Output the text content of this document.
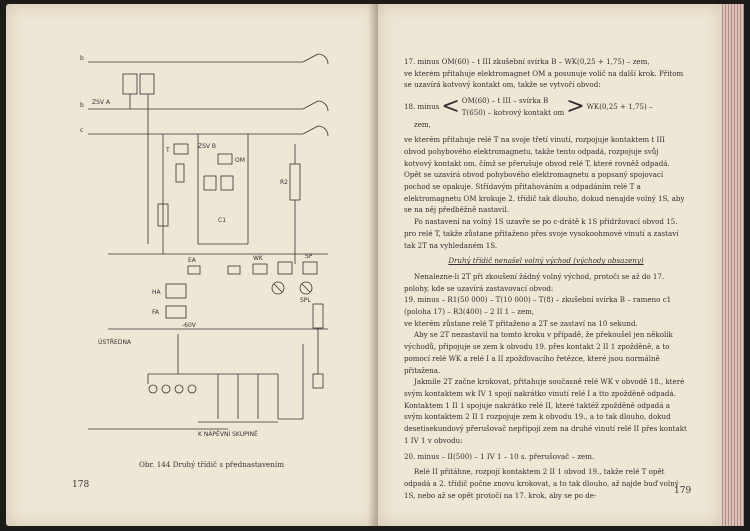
b
ZSV A
b
c
ZSV B
T
OM
R2
C1
EA	WK	SP
SPL
HA
FA
-60V
ÚSTŘEDNA
K NÁPĚVNÍ SKUPINĚ
Obr. 144 Druhý třídič s přednastavením
178

17. minus OM(60) – t III zkušební svírka B – WK(0,25 + 1,75) – zem,

ve kterém přitahuje elektromagnet OM a posunuje volič na další krok. Přitom se uzavírá kotvový kontakt om, takže se vytvoří obvod:

18. minus < OM(60) – t III – svírka B
T(650) – kotvový kontakt om > WK(0,25 + 1,75) –

zem,

ve kterém přitahuje relé T na svoje třetí vinutí, rozpojuje kontaktem t III obvod pohybového elektromagnetu, takže tento odpadá, rozpojuje svůj kotvový kontakt om, čímž se přerušuje obvod relé T, které rovněž odpadá. Opět se uzavírá obvod pohybového elektromagnetu a popsaný spojovací pochod se opakuje. Střídavým přitahováním a odpadáním relé T a elektromagnetu OM krokuje 2. třídič tak dlouho, dokud nenajde volný 1S, aby se na něj předběžně nastavil.

Po nastavení na volný 1S uzavře se po c-drátě k 1S přidržovací obvod 15. pro relé T, takže zůstane přitaženo přes svoje vysokoohmové vinutí a zastaví tak 2T na vyhledaném 1S.

Druhý třídič nenašel volný východ (východy obsazeny)

Nenalezne-li 2T při zkoušení žádný volný východ, protoči se až do 17. polohy, kde se uzavírá zastavovací obvod:

19. minus – R1(50 000) – T(10 000) – T(8) – zkušební svírka B – rameno c1 (poloha 17) – R3(400) – 2 II 1 – zem,

ve kterém zůstane relé T přitaženo a 2T se zastaví na 10 sekund.

Aby se 2T nezastavil na tomto kroku v případě, že překoušel jen několik východů, připojuje se zem k obvodu 19. přes kontakt 2 II 1 zpožděně, a to pomocí relé WK a relé I a II zpožďovacího řetězce, které jsou normálně přitažena.

Jakmile 2T začne krokovat, přitahuje současně relé WK v obvodě 18., které svým kontaktem wk IV 1 spojí nakrátko vinutí relé I a tto zpožděně odpadá. Kontaktem 1 II 1 spojuje nakrátko relé II, které taktéž zpožděně odpadá a svým kontaktem 2 II 1 rozpojuje zem k obvodu 19., a to tak dlouho, dokud desetisekundový přerušovač nepřipojí zem na druhé vinutí relé II přes kontakt 1 IV 1 v obvodu:

20. minus – II(500) – 1 IV 1 – 10 s. přerušovač – zem.

Relé II přitáhne, rozpojí kontaktem 2 II 1 obvod 19., takže relé T opět odpadá a 2. třídič počne znovu krokovat, a to tak dlouho, až najde buď volný 1S, nebo až se opět protočí na 17. krok, aby se po de-	179
